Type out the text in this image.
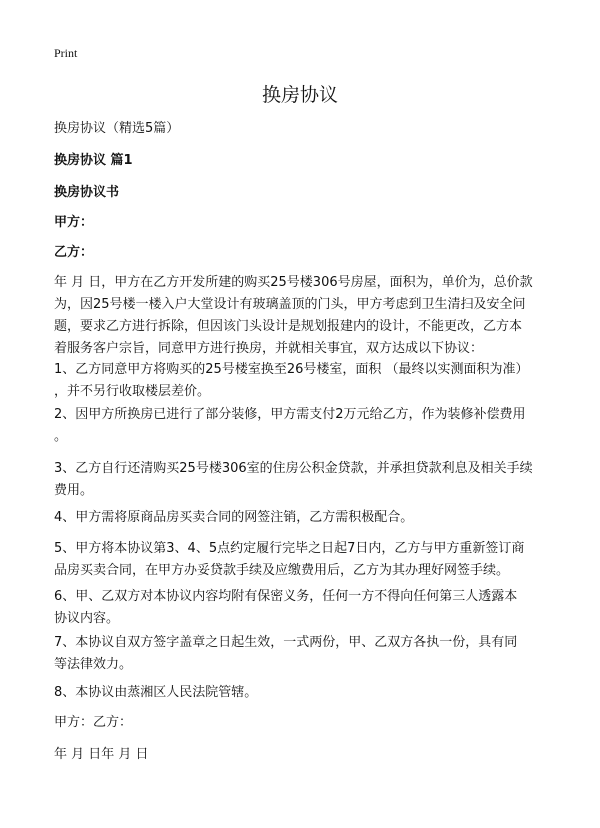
Print
换房协议
换房协议（精选5篇）
换房协议 篇1
换房协议书
甲方：
乙方：
年 月 日，甲方在乙方开发所建的购买25号楼306号房屋，面积为，单价为，总价款
为，因25号楼一楼入户大堂设计有玻璃盖顶的门头，甲方考虑到卫生清扫及安全问
题，要求乙方进行拆除，但因该门头设计是规划报建内的设计，不能更改，乙方本
着服务客户宗旨，同意甲方进行换房，并就相关事宜，双方达成以下协议：
1、乙方同意甲方将购买的25号楼室换至26号楼室，面积 （最终以实测面积为准）
，并不另行收取楼层差价。
2、因甲方所换房已进行了部分装修，甲方需支付2万元给乙方，作为装修补偿费用
。
3、乙方自行还清购买25号楼306室的住房公积金贷款，并承担贷款利息及相关手续
费用。
4、甲方需将原商品房买卖合同的网签注销，乙方需积极配合。
5、甲方将本协议第3、4、5点约定履行完毕之日起7日内，乙方与甲方重新签订商
品房买卖合同，在甲方办妥贷款手续及应缴费用后，乙方为其办理好网签手续。
6、甲、乙双方对本协议内容均附有保密义务，任何一方不得向任何第三人透露本
协议内容。
7、本协议自双方签字盖章之日起生效，一式两份，甲、乙双方各执一份，具有同
等法律效力。
8、本协议由蒸湘区人民法院管辖。
甲方：乙方：
年 月 日年 月 日
